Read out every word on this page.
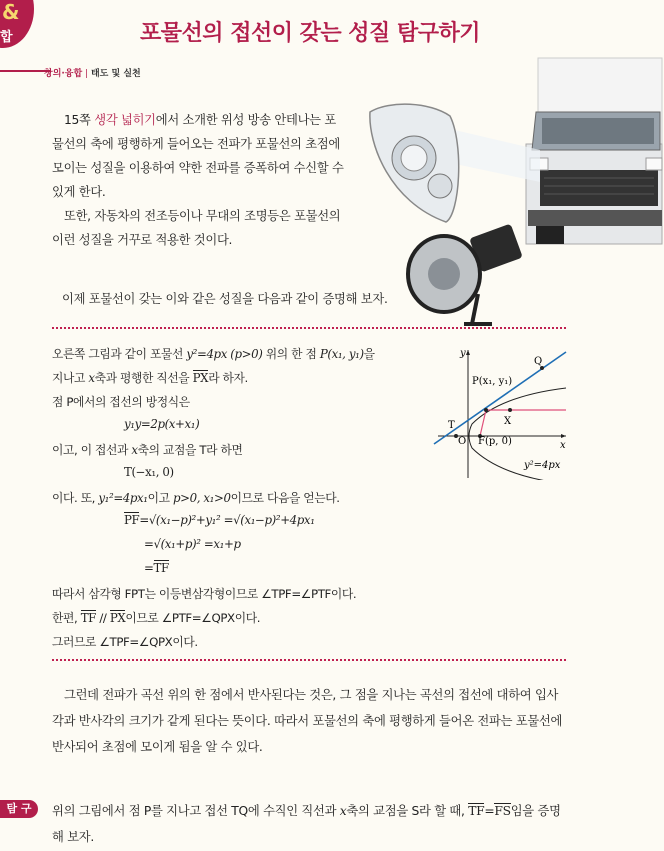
&
합	포물선의 접선이 갖는 성질 탐구하기
창의·융합 | 태도 및 실천

15쪽 생각 넓히기에서 소개한 위성 방송 안테나는 포물선의 축에 평행하게 들어오는 전파가 포물선의 초점에 모이는 성질을 이용하여 약한 전파를 증폭하여 수신할 수 있게 한다.

또한, 자동차의 전조등이나 무대의 조명등은 포물선의 이런 성질을 거꾸로 적용한 것이다.

이제 포물선이 갖는 이와 같은 성질을 다음과 같이 증명해 보자.
오른쪽 그림과 같이 포물선 y²=4px (p>0) 위의 한 점 P(x₁, y₁)을
지나고 x축과 평행한 직선을 PX라 하자.
점 P에서의 접선의 방정식은
y₁y=2p(x+x₁)
이고, 이 접선과 x축의 교점을 T라 하면
T(−x₁, 0)
이다. 또, y₁²=4px₁이고 p>0, x₁>0이므로 다음을 얻는다.
PF=√(x₁−p)²+y₁² =√(x₁−p)²+4px₁
=√(x₁+p)² =x₁+p
=TF
따라서 삼각형 FPT는 이등변삼각형이므로 ∠TPF=∠PTF이다.
한편, TF // PX이므로 ∠PTF=∠QPX이다.
그러므로 ∠TPF=∠QPX이다.
y
x
Q
P(x₁, y₁)
X
T
O F(p, 0)
y²=4px

그런데 전파가 곡선 위의 한 점에서 반사된다는 것은, 그 점을 지나는 곡선의 접선에 대하여 입사각과 반사각의 크기가 같게 된다는 뜻이다. 따라서 포물선의 축에 평행하게 들어온 전파는 포물선에 반사되어 초점에 모이게 됨을 알 수 있다.

탐 구	위의 그림에서 점 P를 지나고 접선 TQ에 수직인 직선과 x축의 교점을 S라 할 때, TF=FS임을 증명해 보자.
